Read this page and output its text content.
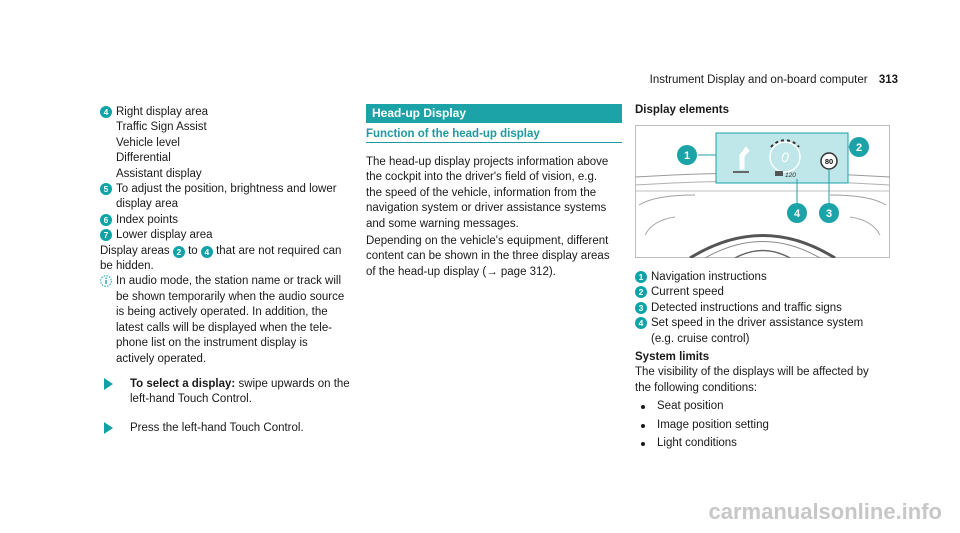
Instrument Display and on-board computer 313
4 Right display area
Traffic Sign Assist
Vehicle level
Differential
Assistant display
5 To adjust the position, brightness and lower
display area
6 Index points
7 Lower display area
Display areas 2 to 4 that are not required can
be hidden.
In audio mode, the station name or track will
be shown temporarily when the audio source
is being actively operated. In addition, the
latest calls will be displayed when the tele-
phone list on the instrument display is
actively operated.
To select a display: swipe upwards on the
left-hand Touch Control.
Press the left-hand Touch Control.
Head-up Display
Function of the head-up display
The head-up display projects information above
the cockpit into the driver's field of vision, e.g.
the speed of the vehicle, information from the
navigation system or driver assistance systems
and some warning messages.
Depending on the vehicle's equipment, different
content can be shown in the three display areas
of the head-up display (→ page 312).
Display elements
0
120
80
1
2
3
4
1 Navigation instructions
2 Current speed
3 Detected instructions and traffic signs
4 Set speed in the driver assistance system
(e.g. cruise control)
System limits
The visibility of the displays will be affected by
the following conditions:
Seat position
Image position setting
Light conditions
carmanualsonline.info
